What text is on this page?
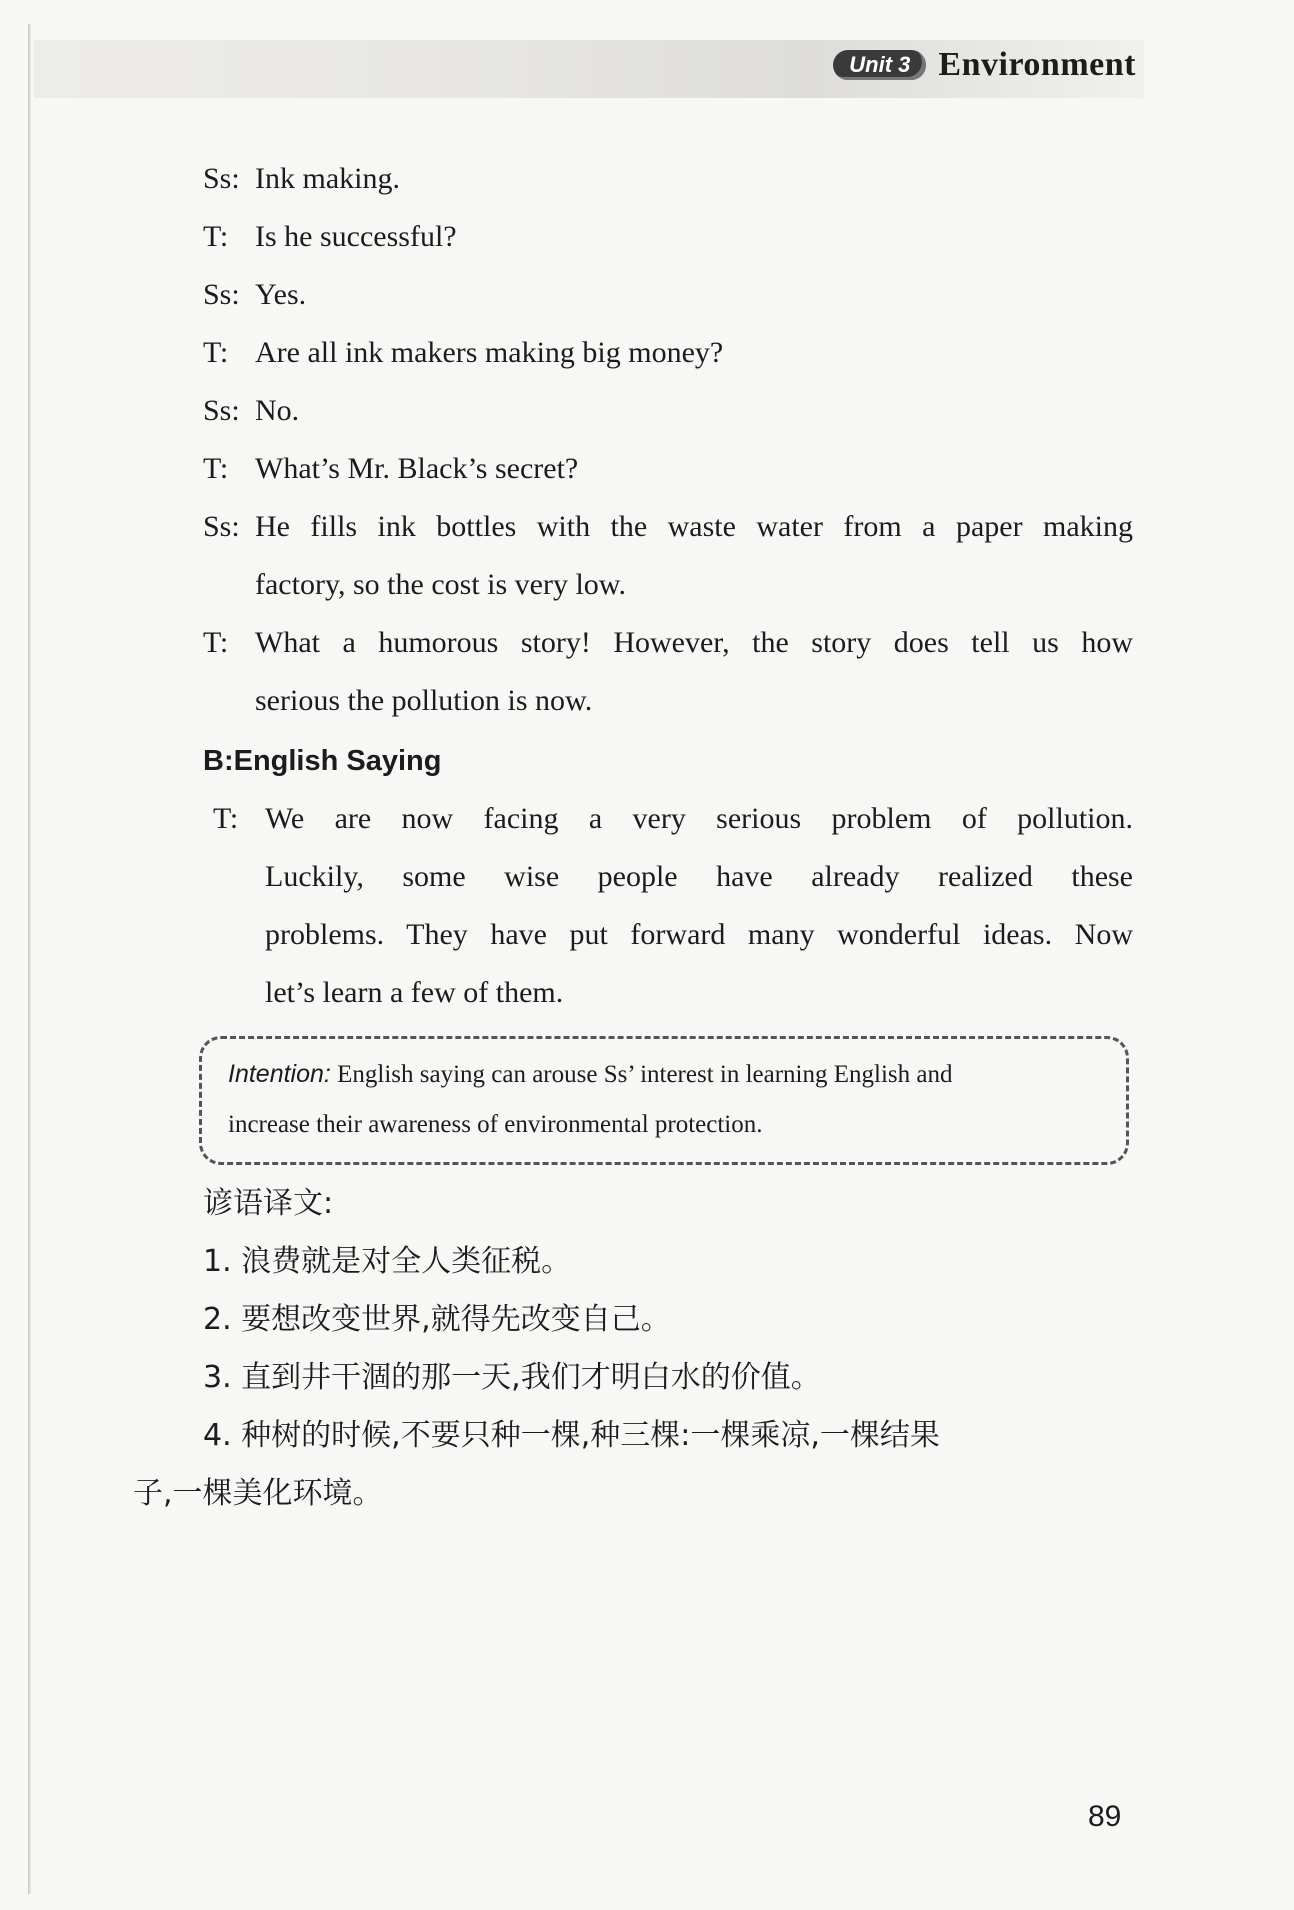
Unit 3 Environment
Ss: Ink making.
T: Is he successful?
Ss: Yes.
T: Are all ink makers making big money?
Ss: No.
T: What’s Mr. Black’s secret?
Ss: He fills ink bottles with the waste water from a paper making
factory, so the cost is very low.
T: What a humorous story! However, the story does tell us how
serious the pollution is now.
B:English Saying
T: We are now facing a very serious problem of pollution.
Luckily, some wise people have already realized these
problems. They have put forward many wonderful ideas. Now
let’s learn a few of them.
Intention: English saying can arouse Ss’ interest in learning English and
increase their awareness of environmental protection.
谚语译文:
1. 浪费就是对全人类征税。
2. 要想改变世界,就得先改变自己。
3. 直到井干涸的那一天,我们才明白水的价值。
4. 种树的时候,不要只种一棵,种三棵:一棵乘凉,一棵结果
子,一棵美化环境。
89
